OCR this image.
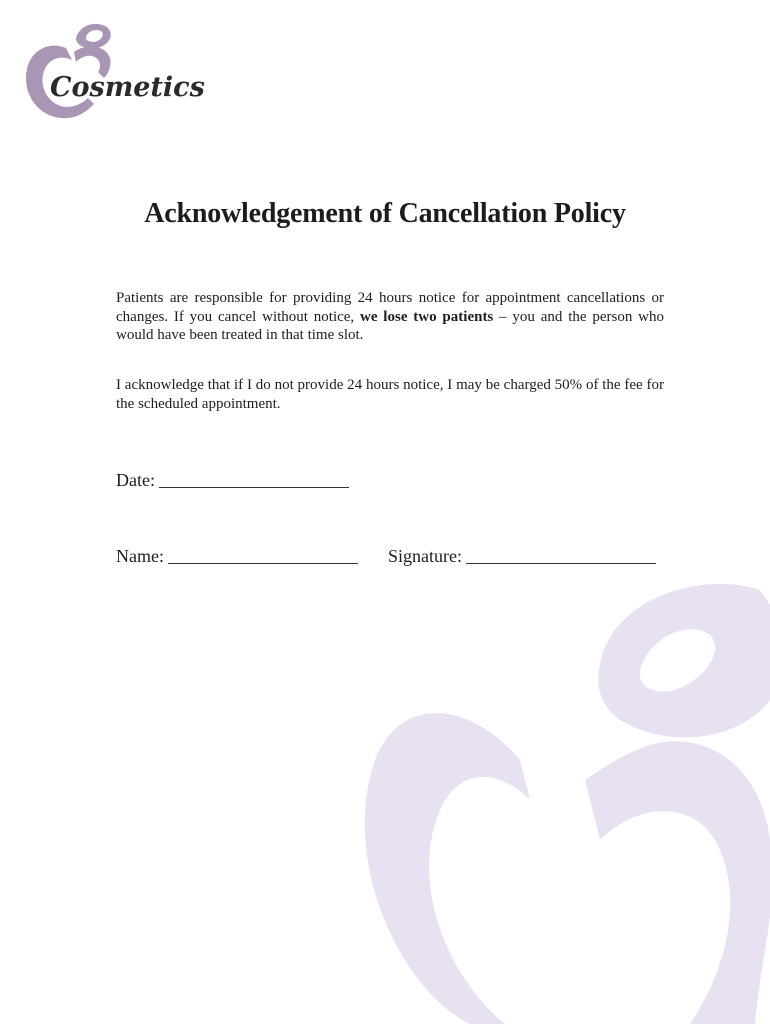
Cosmetics
Acknowledgement of Cancellation Policy

Patients are responsible for providing 24 hours notice for appointment cancellations or changes. If you cancel without notice, we lose two patients – you and the person who would have been treated in that time slot.

I acknowledge that if I do not provide 24 hours notice, I may be charged 50% of the fee for the scheduled appointment.

Date:
Name:	Signature:
